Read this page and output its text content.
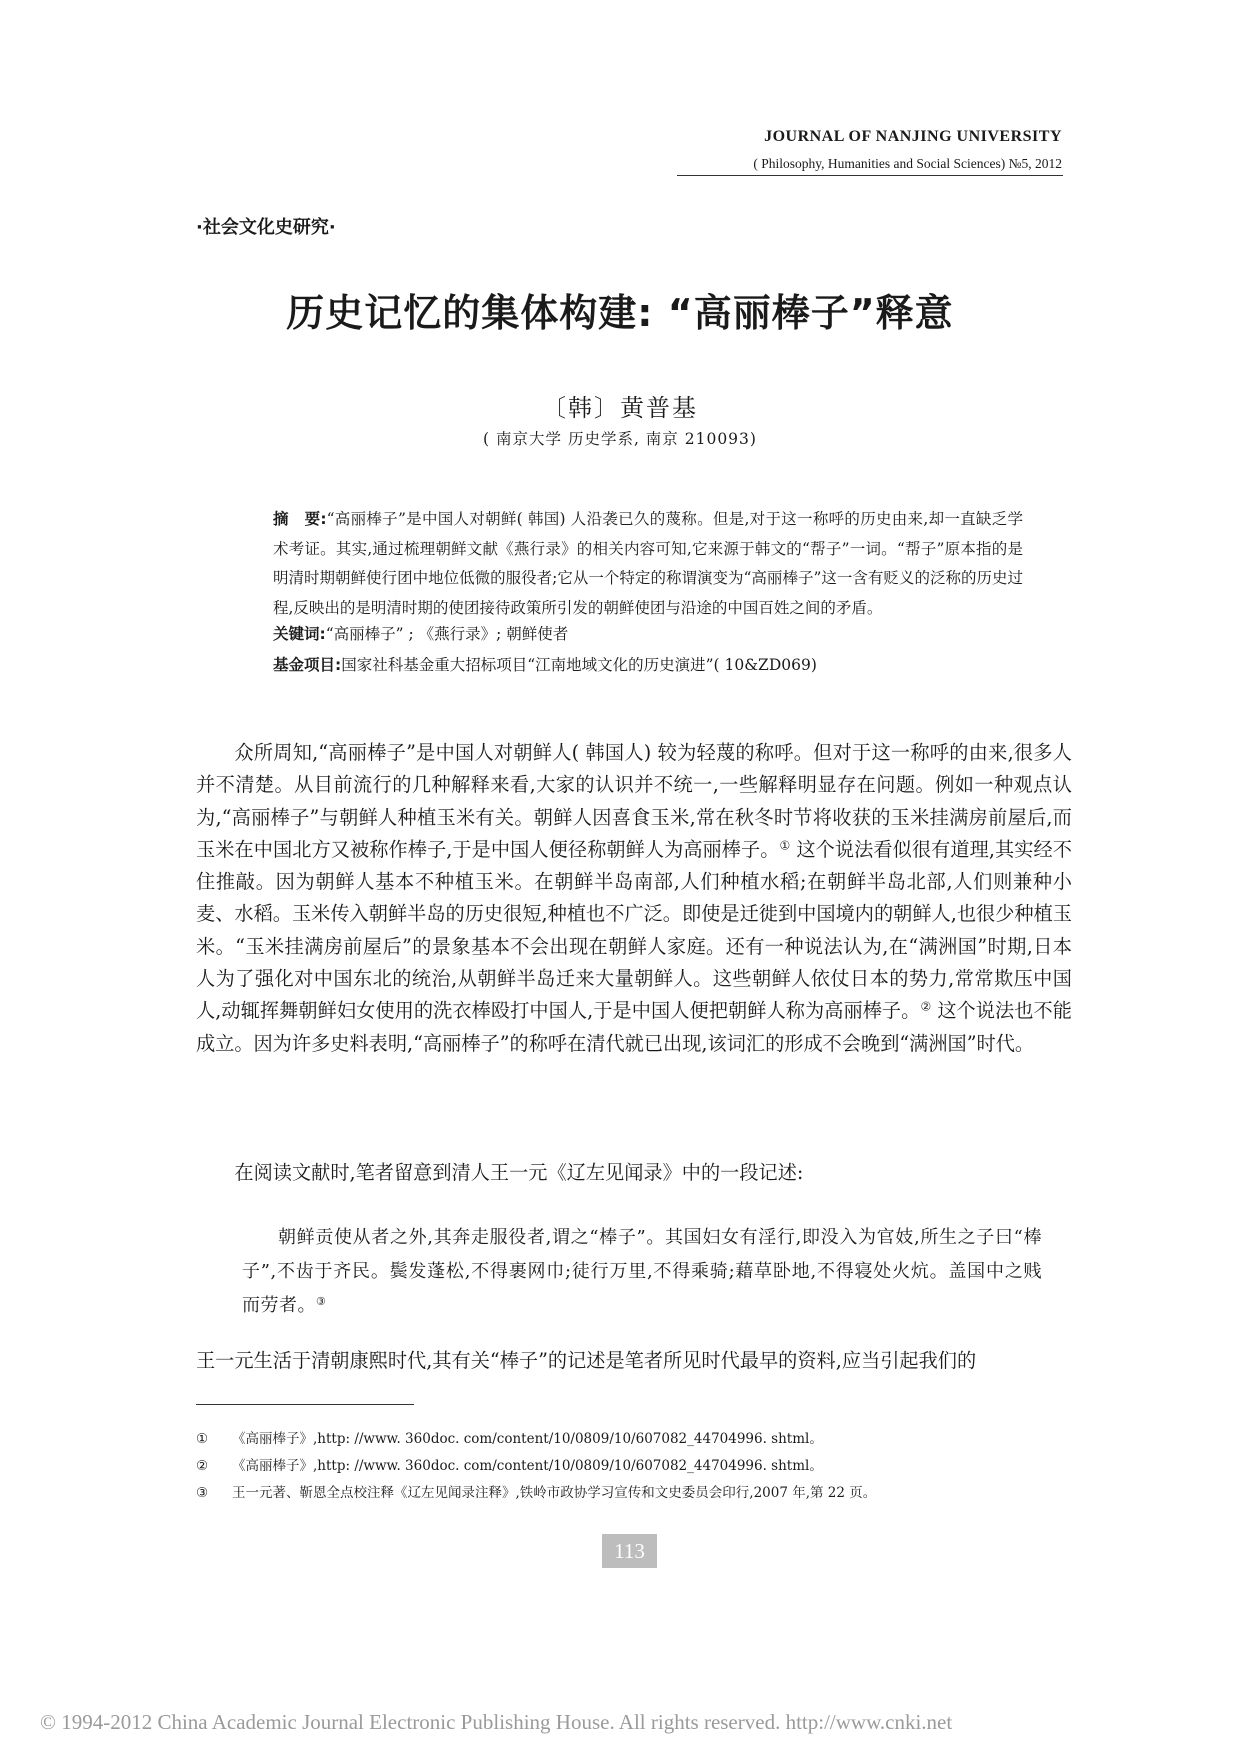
JOURNAL OF NANJING UNIVERSITY
( Philosophy, Humanities and Social Sciences) №5, 2012
·社会文化史研究·
历史记忆的集体构建: “高丽棒子”释意
〔韩〕黄普基
( 南京大学 历史学系, 南京 210093)

摘　要:“高丽棒子”是中国人对朝鲜( 韩国) 人沿袭已久的蔑称。但是,对于这一称呼的历史由来,却一直缺乏学术考证。其实,通过梳理朝鲜文献《燕行录》的相关内容可知,它来源于韩文的“帮子”一词。“帮子”原本指的是明清时期朝鲜使行团中地位低微的服役者;它从一个特定的称谓演变为“高丽棒子”这一含有贬义的泛称的历史过程,反映出的是明清时期的使团接待政策所引发的朝鲜使团与沿途的中国百姓之间的矛盾。

关键词:“高丽棒子” ; 《燕行录》; 朝鲜使者
基金项目:国家社科基金重大招标项目“江南地域文化的历史演进”( 10&ZD069)

众所周知,“高丽棒子”是中国人对朝鲜人( 韩国人) 较为轻蔑的称呼。但对于这一称呼的由来,很多人并不清楚。从目前流行的几种解释来看,大家的认识并不统一,一些解释明显存在问题。例如一种观点认为,“高丽棒子”与朝鲜人种植玉米有关。朝鲜人因喜食玉米,常在秋冬时节将收获的玉米挂满房前屋后,而玉米在中国北方又被称作棒子,于是中国人便径称朝鲜人为高丽棒子。① 这个说法看似很有道理,其实经不住推敲。因为朝鲜人基本不种植玉米。在朝鲜半岛南部,人们种植水稻;在朝鲜半岛北部,人们则兼种小麦、水稻。玉米传入朝鲜半岛的历史很短,种植也不广泛。即使是迁徙到中国境内的朝鲜人,也很少种植玉米。“玉米挂满房前屋后”的景象基本不会出现在朝鲜人家庭。还有一种说法认为,在“满洲国”时期,日本人为了强化对中国东北的统治,从朝鲜半岛迁来大量朝鲜人。这些朝鲜人依仗日本的势力,常常欺压中国人,动辄挥舞朝鲜妇女使用的洗衣棒殴打中国人,于是中国人便把朝鲜人称为高丽棒子。② 这个说法也不能成立。因为许多史料表明,“高丽棒子”的称呼在清代就已出现,该词汇的形成不会晚到“满洲国”时代。

在阅读文献时,笔者留意到清人王一元《辽左见闻录》中的一段记述:

朝鲜贡使从者之外,其奔走服役者,谓之“棒子”。其国妇女有淫行,即没入为官妓,所生之子曰“棒子”,不齿于齐民。鬓发蓬松,不得裹网巾;徒行万里,不得乘骑;藉草卧地,不得寝处火炕。盖国中之贱而劳者。③

王一元生活于清朝康熙时代,其有关“棒子”的记述是笔者所见时代最早的资料,应当引起我们的
①	《高丽棒子》,http: //www. 360doc. com/content/10/0809/10/607082_44704996. shtml。
②	《高丽棒子》,http: //www. 360doc. com/content/10/0809/10/607082_44704996. shtml。
③	王一元著、靳恩全点校注释《辽左见闻录注释》,铁岭市政协学习宣传和文史委员会印行,2007 年,第 22 页。
113
© 1994-2012 China Academic Journal Electronic Publishing House. All rights reserved. http://www.cnki.net
